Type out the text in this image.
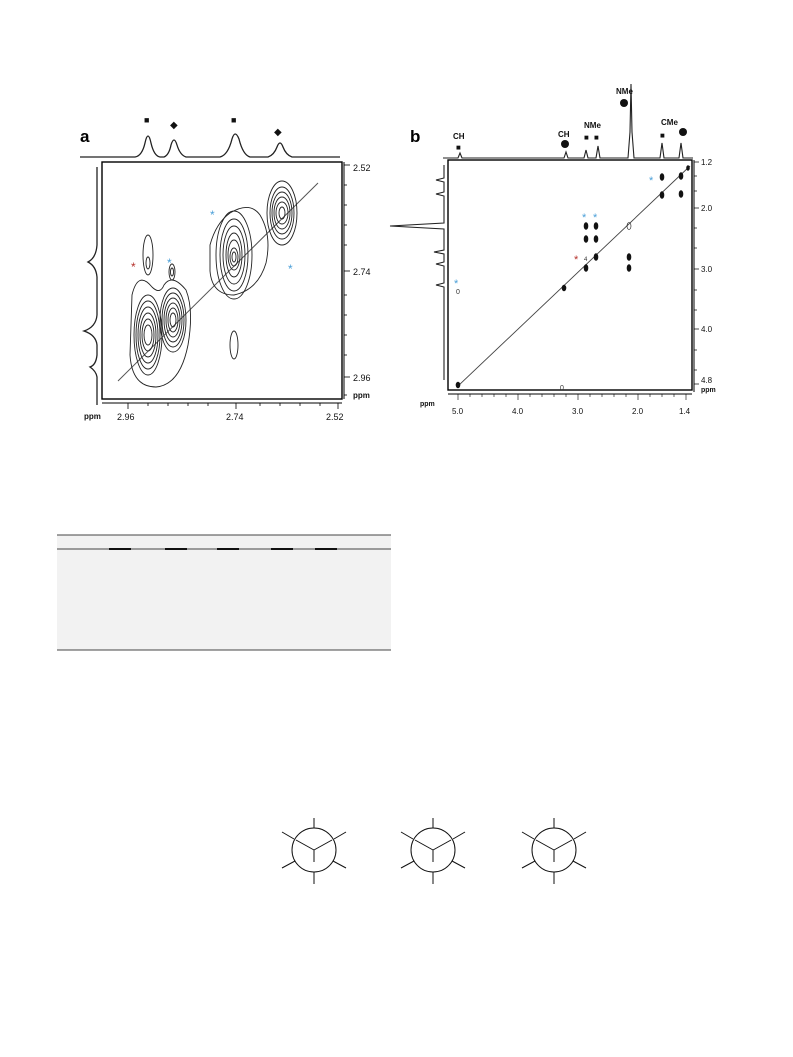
a
■ ◆	■
◆
2.52
2.74
2.96
ppm
ppm 2.96	2.74	2.52
*	*
*
*
b	CH
■
CH
NMe
■ ■
NMe
CMe
■
1.2
2.0
3.0
4.0
4.8
ppm
ppm
5.0	4.0	3.0	2.0	1.4
0
0
4
*
*
* *
*
